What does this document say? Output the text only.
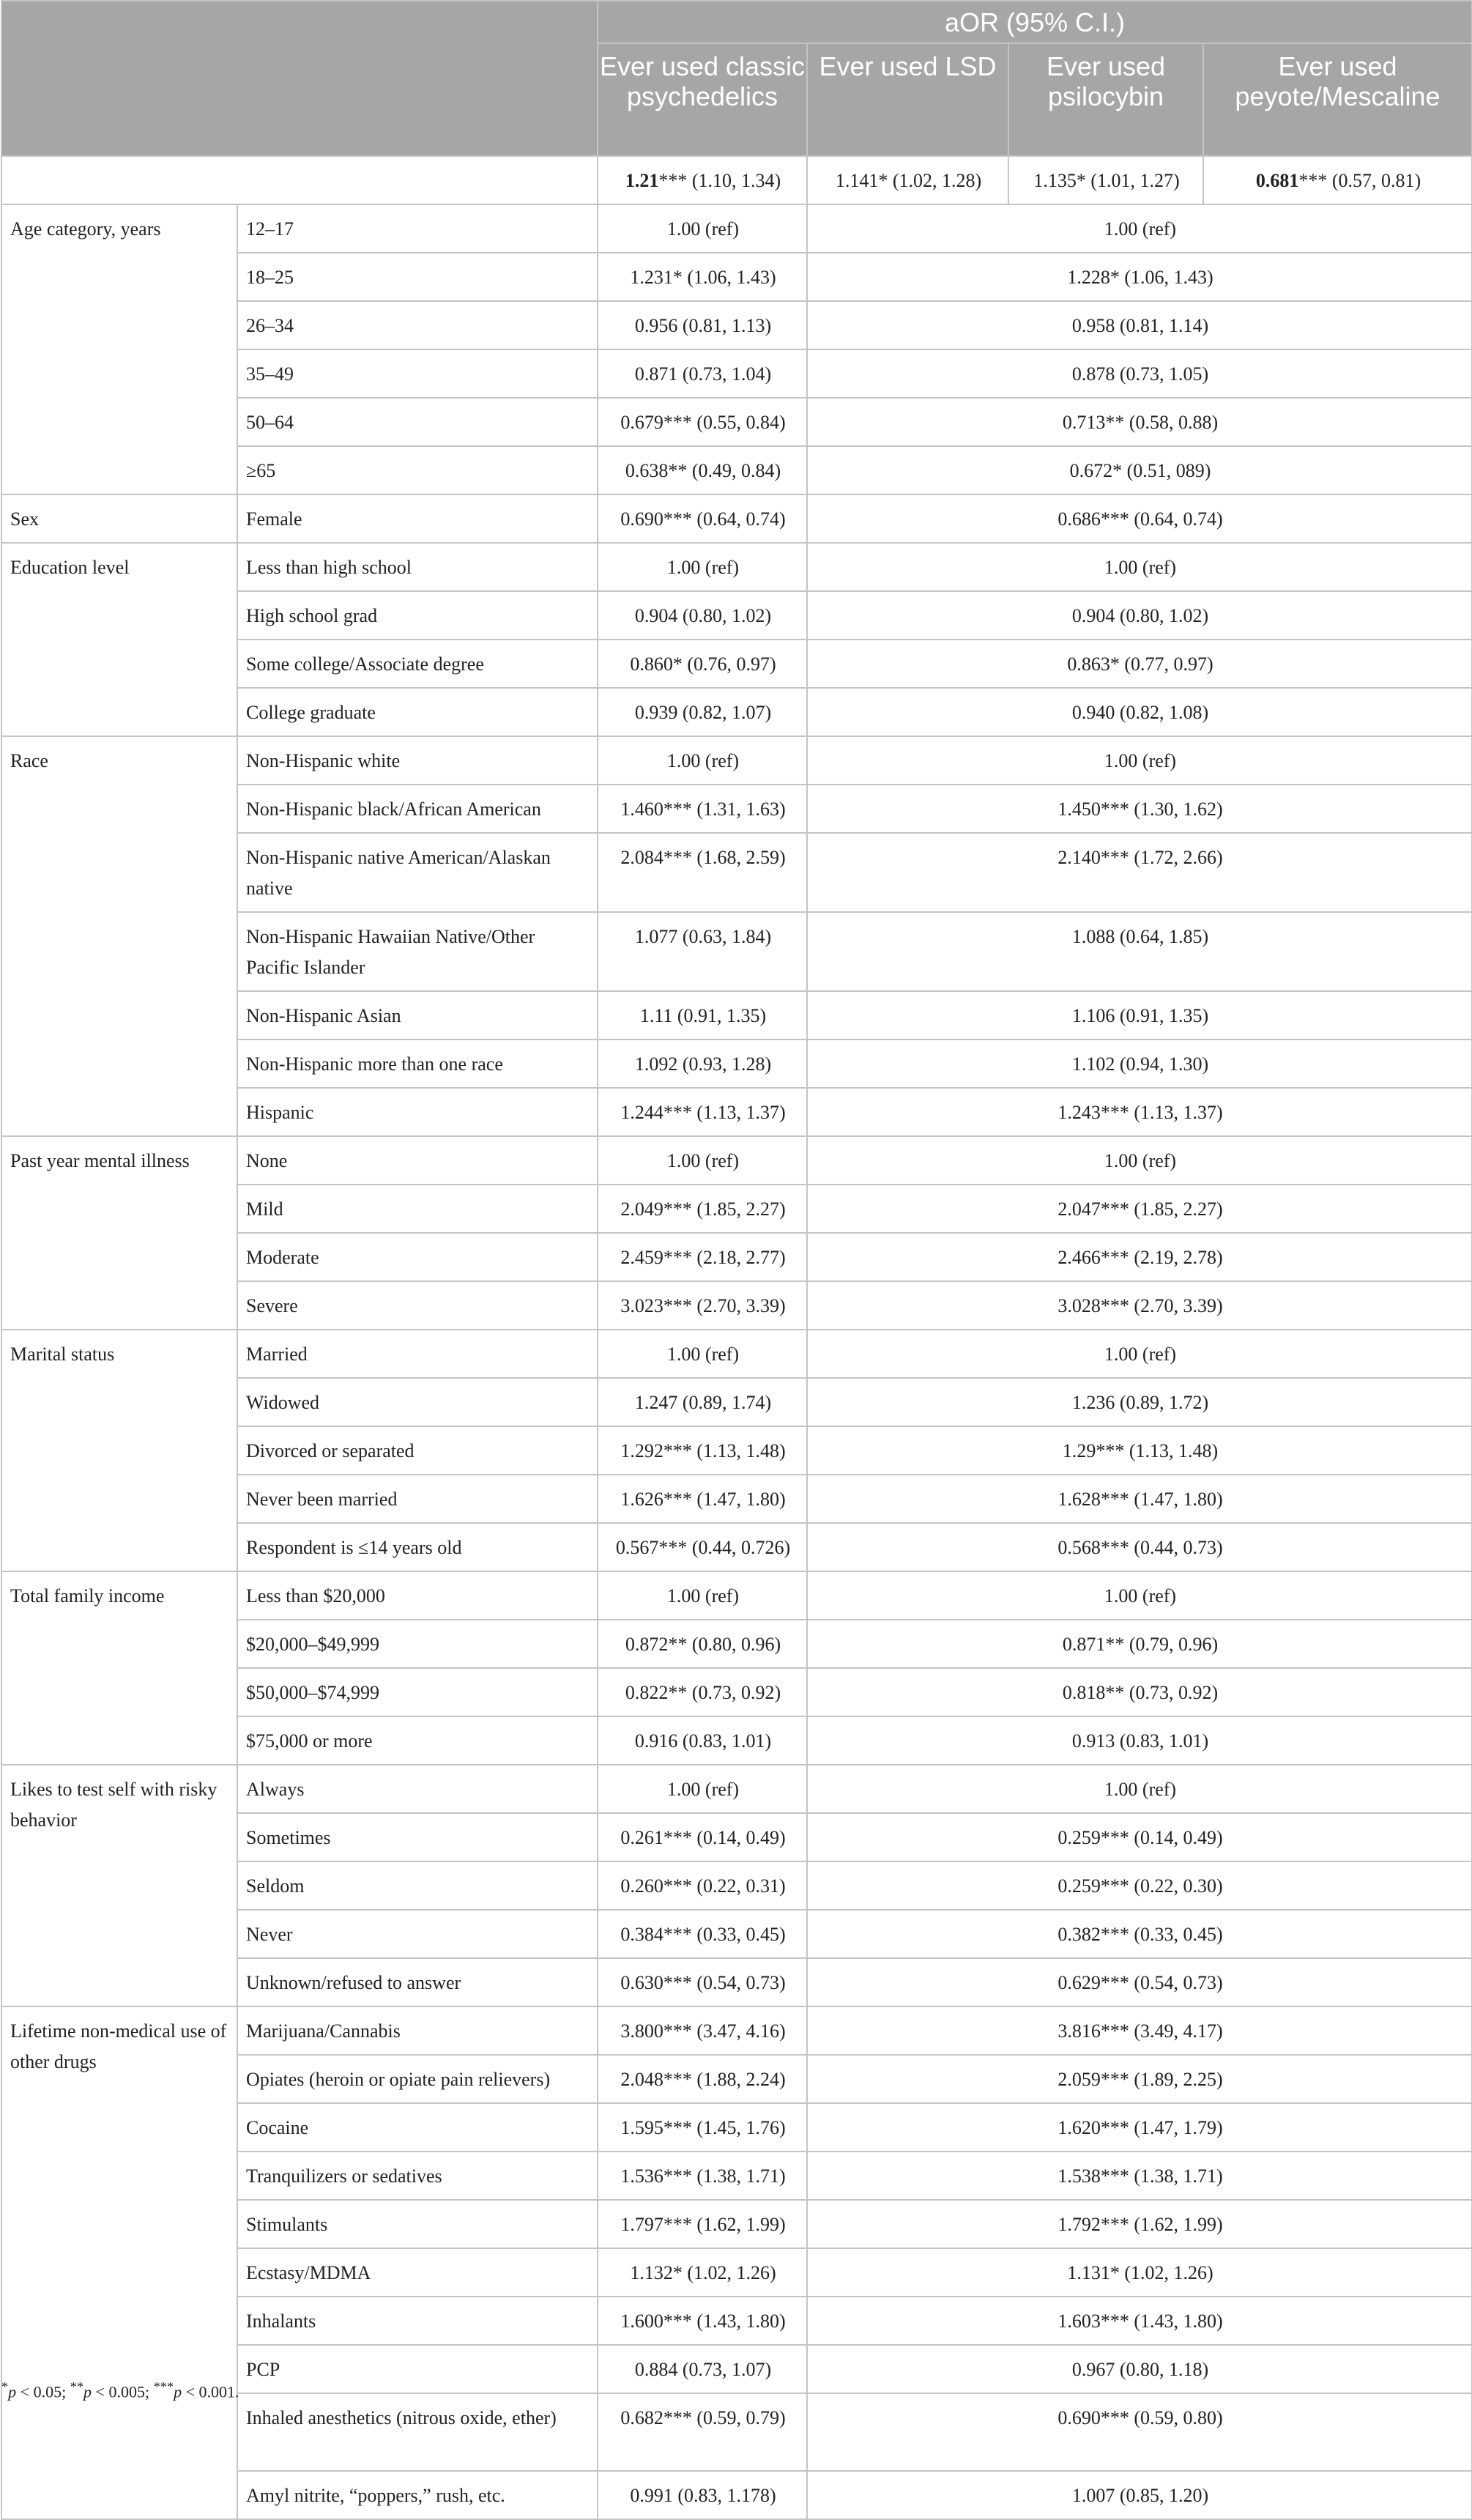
		aOR (95% C.I.)			
		Ever used classic psychedelics	Ever used LSD	Ever used psilocybin	Ever used peyote/Mescaline
		1.21*** (1.10, 1.34)	1.141* (1.02, 1.28)	1.135* (1.01, 1.27)	0.681*** (0.57, 0.81)
Age category, years	12–17	1.00 (ref)	1.00 (ref)		
	18–25	1.231* (1.06, 1.43)	1.228* (1.06, 1.43)		
	26–34	0.956 (0.81, 1.13)	0.958 (0.81, 1.14)		
	35–49	0.871 (0.73, 1.04)	0.878 (0.73, 1.05)		
	50–64	0.679*** (0.55, 0.84)	0.713** (0.58, 0.88)		
	≥65	0.638** (0.49, 0.84)	0.672* (0.51, 089)		
Sex	Female	0.690*** (0.64, 0.74)	0.686*** (0.64, 0.74)		
Education level	Less than high school	1.00 (ref)	1.00 (ref)		
	High school grad	0.904 (0.80, 1.02)	0.904 (0.80, 1.02)		
	Some college/Associate degree	0.860* (0.76, 0.97)	0.863* (0.77, 0.97)		
	College graduate	0.939 (0.82, 1.07)	0.940 (0.82, 1.08)		
Race	Non-Hispanic white	1.00 (ref)	1.00 (ref)		
	Non-Hispanic black/African American	1.460*** (1.31, 1.63)	1.450*** (1.30, 1.62)		
	Non-Hispanic native American/Alaskan native	2.084*** (1.68, 2.59)	2.140*** (1.72, 2.66)		
	Non-Hispanic Hawaiian Native/Other Pacific Islander	1.077 (0.63, 1.84)	1.088 (0.64, 1.85)		
	Non-Hispanic Asian	1.11 (0.91, 1.35)	1.106 (0.91, 1.35)		
	Non-Hispanic more than one race	1.092 (0.93, 1.28)	1.102 (0.94, 1.30)		
	Hispanic	1.244*** (1.13, 1.37)	1.243*** (1.13, 1.37)		
Past year mental illness	None	1.00 (ref)	1.00 (ref)		
	Mild	2.049*** (1.85, 2.27)	2.047*** (1.85, 2.27)		
	Moderate	2.459*** (2.18, 2.77)	2.466*** (2.19, 2.78)		
	Severe	3.023*** (2.70, 3.39)	3.028*** (2.70, 3.39)		
Marital status	Married	1.00 (ref)	1.00 (ref)		
	Widowed	1.247 (0.89, 1.74)	1.236 (0.89, 1.72)		
	Divorced or separated	1.292*** (1.13, 1.48)	1.29*** (1.13, 1.48)		
	Never been married	1.626*** (1.47, 1.80)	1.628*** (1.47, 1.80)		
	Respondent is ≤14 years old	0.567*** (0.44, 0.726)	0.568*** (0.44, 0.73)		
Total family income	Less than $20,000	1.00 (ref)	1.00 (ref)		
	$20,000–$49,999	0.872** (0.80, 0.96)	0.871** (0.79, 0.96)		
	$50,000–$74,999	0.822** (0.73, 0.92)	0.818** (0.73, 0.92)		
	$75,000 or more	0.916 (0.83, 1.01)	0.913 (0.83, 1.01)		
Likes to test self with risky behavior	Always	1.00 (ref)	1.00 (ref)		
	Sometimes	0.261*** (0.14, 0.49)	0.259*** (0.14, 0.49)		
	Seldom	0.260*** (0.22, 0.31)	0.259*** (0.22, 0.30)		
	Never	0.384*** (0.33, 0.45)	0.382*** (0.33, 0.45)		
	Unknown/refused to answer	0.630*** (0.54, 0.73)	0.629*** (0.54, 0.73)		
Lifetime non-medical use of other drugs	Marijuana/Cannabis	3.800*** (3.47, 4.16)	3.816*** (3.49, 4.17)		
	Opiates (heroin or opiate pain relievers)	2.048*** (1.88, 2.24)	2.059*** (1.89, 2.25)		
	Cocaine	1.595*** (1.45, 1.76)	1.620*** (1.47, 1.79)		
	Tranquilizers or sedatives	1.536*** (1.38, 1.71)	1.538*** (1.38, 1.71)		
	Stimulants	1.797*** (1.62, 1.99)	1.792*** (1.62, 1.99)		
	Ecstasy/MDMA	1.132* (1.02, 1.26)	1.131* (1.02, 1.26)		
	Inhalants	1.600*** (1.43, 1.80)	1.603*** (1.43, 1.80)		
	PCP	0.884 (0.73, 1.07)	0.967 (0.80, 1.18)		
	Inhaled anesthetics (nitrous oxide, ether)	0.682*** (0.59, 0.79)	0.690*** (0.59, 0.80)		
	Amyl nitrite, “poppers,” rush, etc.	0.991 (0.83, 1.178)	1.007 (0.85, 1.20)		
*p < 0.05; **p < 0.005; ***p < 0.001.
